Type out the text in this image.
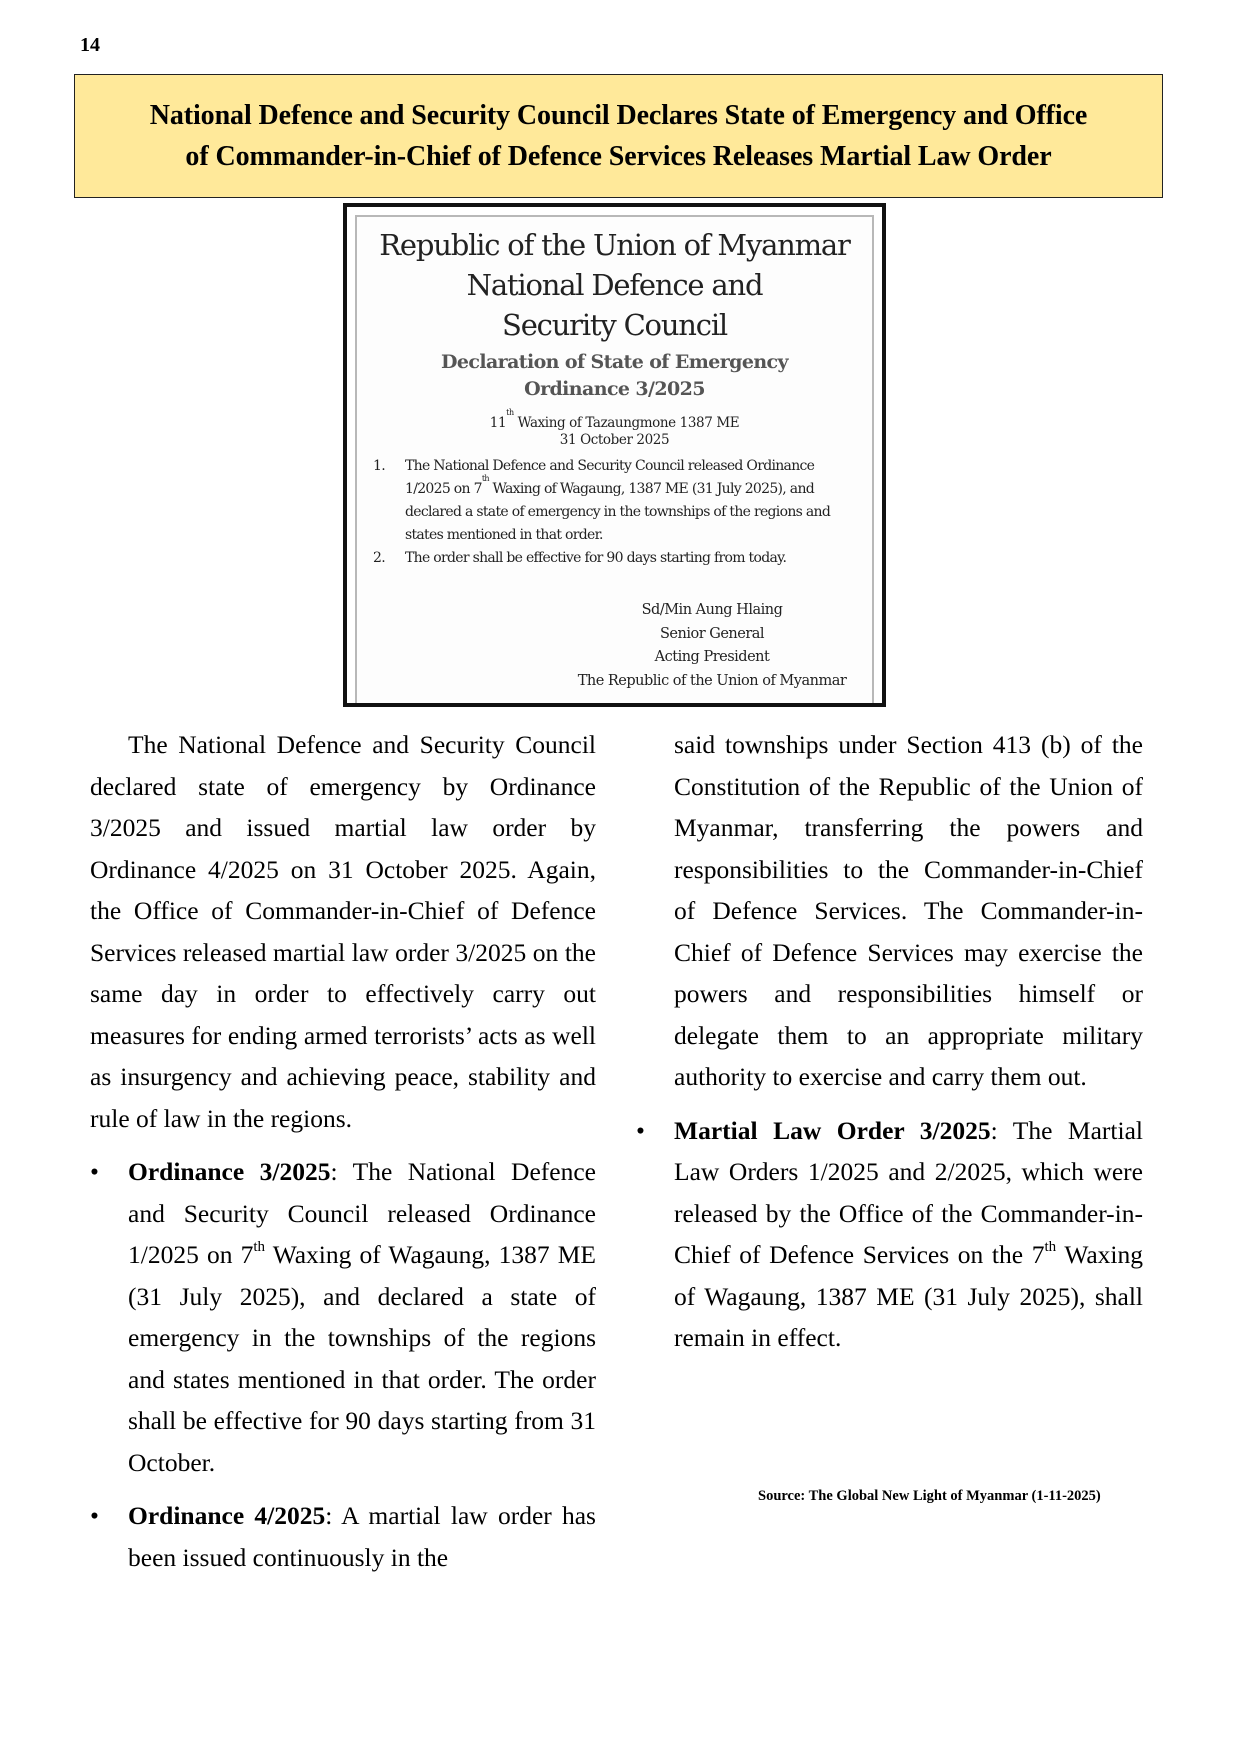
14
National Defence and Security Council Declares State of Emergency and Office
of Commander-in-Chief of Defence Services Releases Martial Law Order
Republic of the Union of Myanmar
National Defence and
Security Council
Declaration of State of Emergency
Ordinance 3/2025
11th Waxing of Tazaungmone 1387 ME
31 October 2025
1.	The National Defence and Security Council released Ordinance 1/2025 on 7th Waxing of Wagaung, 1387 ME (31 July 2025), and declared a state of emergency in the townships of the regions and states mentioned in that order.
2.	The order shall be effective for 90 days starting from today.
Sd/Min Aung Hlaing
Senior General
Acting President
The Republic of the Union of Myanmar

The National Defence and Security Council declared state of emergency by Ordinance 3/2025 and issued martial law order by Ordinance 4/2025 on 31 October 2025. Again, the Office of Commander-in-Chief of Defence Services released martial law order 3/2025 on the same day in order to effectively carry out measures for ending armed terrorists’ acts as well as insurgency and achieving peace, stability and rule of law in the regions.

• Ordinance 3/2025: The National Defence and Security Council released Ordinance 1/2025 on 7th Waxing of Wagaung, 1387 ME (31 July 2025), and declared a state of emergency in the townships of the regions and states mentioned in that order. The order shall be effective for 90 days starting from 31 October.
• Ordinance 4/2025: A martial law order has been issued continuously in the

said townships under Section 413 (b) of the Constitution of the Republic of the Union of Myanmar, transferring the powers and responsibilities to the Commander-in-Chief of Defence Services. The Commander-in-Chief of Defence Services may exercise the powers and responsibilities himself or delegate them to an appropriate military authority to exercise and carry them out.

• Martial Law Order 3/2025: The Martial Law Orders 1/2025 and 2/2025, which were released by the Office of the Commander-in-Chief of Defence Services on the 7th Waxing of Wagaung, 1387 ME (31 July 2025), shall remain in effect.
Source: The Global New Light of Myanmar (1-11-2025)
